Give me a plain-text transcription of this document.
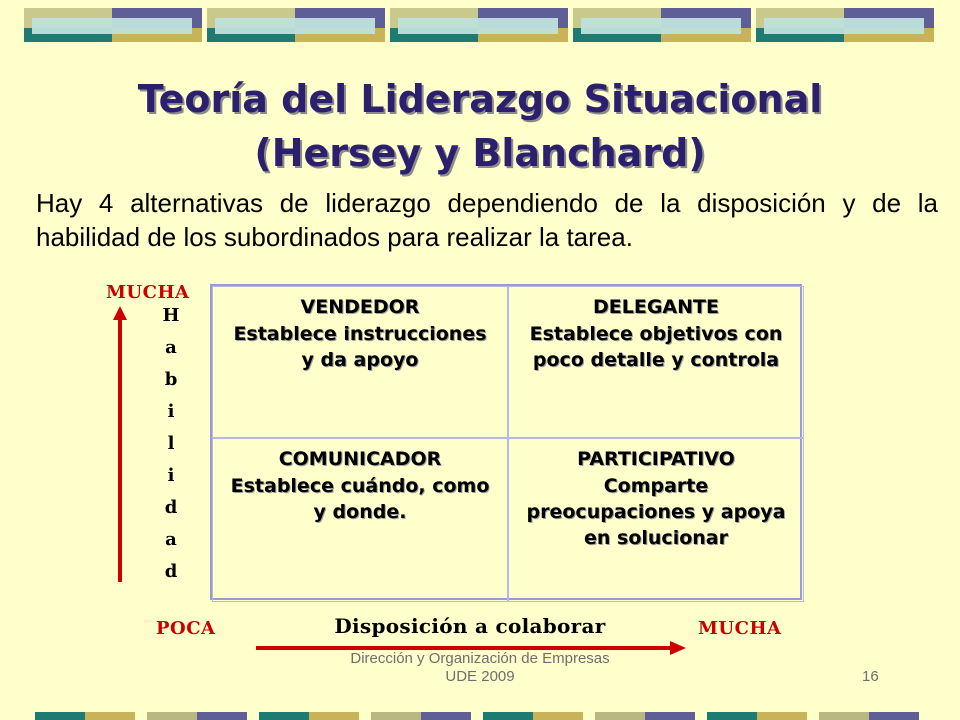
Teoría del Liderazgo Situacional
(Hersey y Blanchard)
Hay 4 alternativas de liderazgo dependiendo de la disposición y de la habilidad de los subordinados para realizar la tarea.
MUCHA
H
a
b
i
l
i
d
a
d
VENDEDOR
Establece instrucciones y da apoyo
DELEGANTE
Establece objetivos con poco detalle y controla
COMUNICADOR
Establece cuándo, como y donde.
PARTICIPATIVO
Comparte preocupaciones y apoya en solucionar
POCA	Disposición a colaborar	MUCHA
Dirección y Organización de Empresas
UDE 2009	16
